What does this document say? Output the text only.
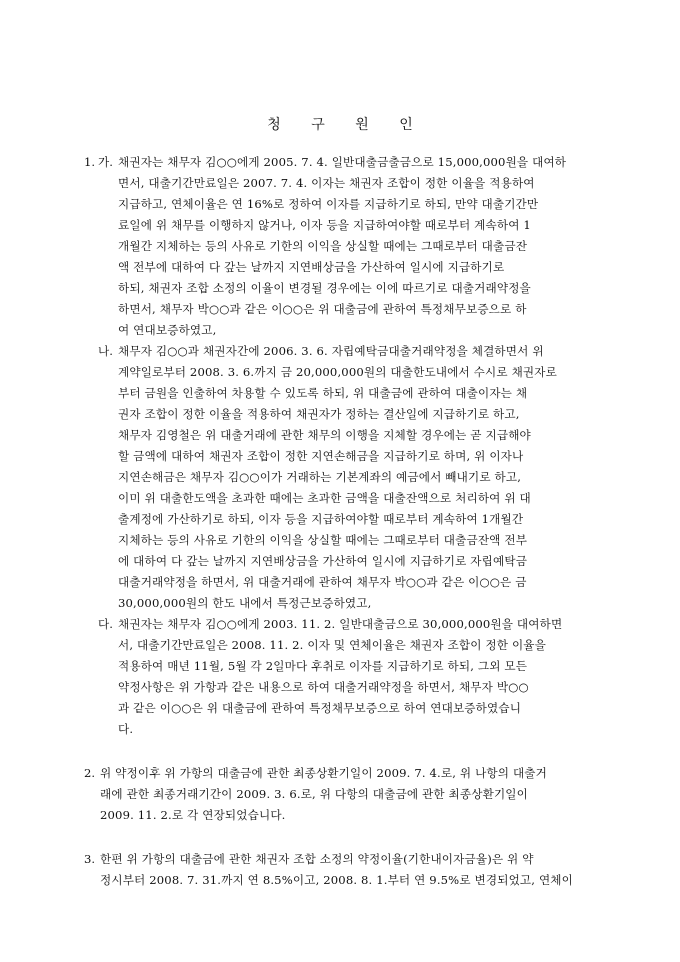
청 구 원 인
1. 가. 채권자는 채무자 김○○에게 2005. 7. 4. 일반대출금출금으로 15,000,000원을 대여하
면서, 대출기간만료일은 2007. 7. 4. 이자는 채권자 조합이 정한 이율을 적용하여
지급하고, 연체이율은 연 16%로 정하여 이자를 지급하기로 하되, 만약 대출기간만
료일에 위 채무를 이행하지 않거나, 이자 등을 지급하여야할 때로부터 계속하여 1
개월간 지체하는 등의 사유로 기한의 이익을 상실할 때에는 그때로부터 대출금잔
액 전부에 대하여 다 갚는 날까지 지연배상금을 가산하여 일시에 지급하기로
하되, 채권자 조합 소정의 이율이 변경될 경우에는 이에 따르기로 대출거래약정을
하면서, 채무자 박○○과 같은 이○○은 위 대출금에 관하여 특정채무보증으로 하
여 연대보증하였고,
나. 채무자 김○○과 채권자간에 2006. 3. 6. 자립예탁금대출거래약정을 체결하면서 위
계약일로부터 2008. 3. 6.까지 금 20,000,000원의 대출한도내에서 수시로 채권자로
부터 금원을 인출하여 차용할 수 있도록 하되, 위 대출금에 관하여 대출이자는 채
권자 조합이 정한 이율을 적용하여 채권자가 정하는 결산일에 지급하기로 하고,
채무자 김영철은 위 대출거래에 관한 채무의 이행을 지체할 경우에는 곧 지급해야
할 금액에 대하여 채권자 조합이 정한 지연손해금을 지급하기로 하며, 위 이자나
지연손해금은 채무자 김○○이가 거래하는 기본계좌의 예금에서 빼내기로 하고,
이미 위 대출한도액을 초과한 때에는 초과한 금액을 대출잔액으로 처리하여 위 대
출계정에 가산하기로 하되, 이자 등을 지급하여야할 때로부터 계속하여 1개월간
지체하는 등의 사유로 기한의 이익을 상실할 때에는 그때로부터 대출금잔액 전부
에 대하여 다 갚는 날까지 지연배상금을 가산하여 일시에 지급하기로 자립예탁금
대출거래약정을 하면서, 위 대출거래에 관하여 채무자 박○○과 같은 이○○은 금
30,000,000원의 한도 내에서 특정근보증하였고,
다. 채권자는 채무자 김○○에게 2003. 11. 2. 일반대출금으로 30,000,000원을 대여하면
서, 대출기간만료일은 2008. 11. 2. 이자 및 연체이율은 채권자 조합이 정한 이율을
적용하여 매년 11월, 5월 각 2일마다 후취로 이자를 지급하기로 하되, 그외 모든
약정사항은 위 가항과 같은 내용으로 하여 대출거래약정을 하면서, 채무자 박○○
과 같은 이○○은 위 대출금에 관하여 특정채무보증으로 하여 연대보증하였습니
다.
2. 위 약정이후 위 가항의 대출금에 관한 최종상환기일이 2009. 7. 4.로, 위 나항의 대출거
래에 관한 최종거래기간이 2009. 3. 6.로, 위 다항의 대출금에 관한 최종상환기일이
2009. 11. 2.로 각 연장되었습니다.
3. 한편 위 가항의 대출금에 관한 채권자 조합 소정의 약정이율(기한내이자금율)은 위 약
정시부터 2008. 7. 31.까지 연 8.5%이고, 2008. 8. 1.부터 연 9.5%로 변경되었고, 연체이
